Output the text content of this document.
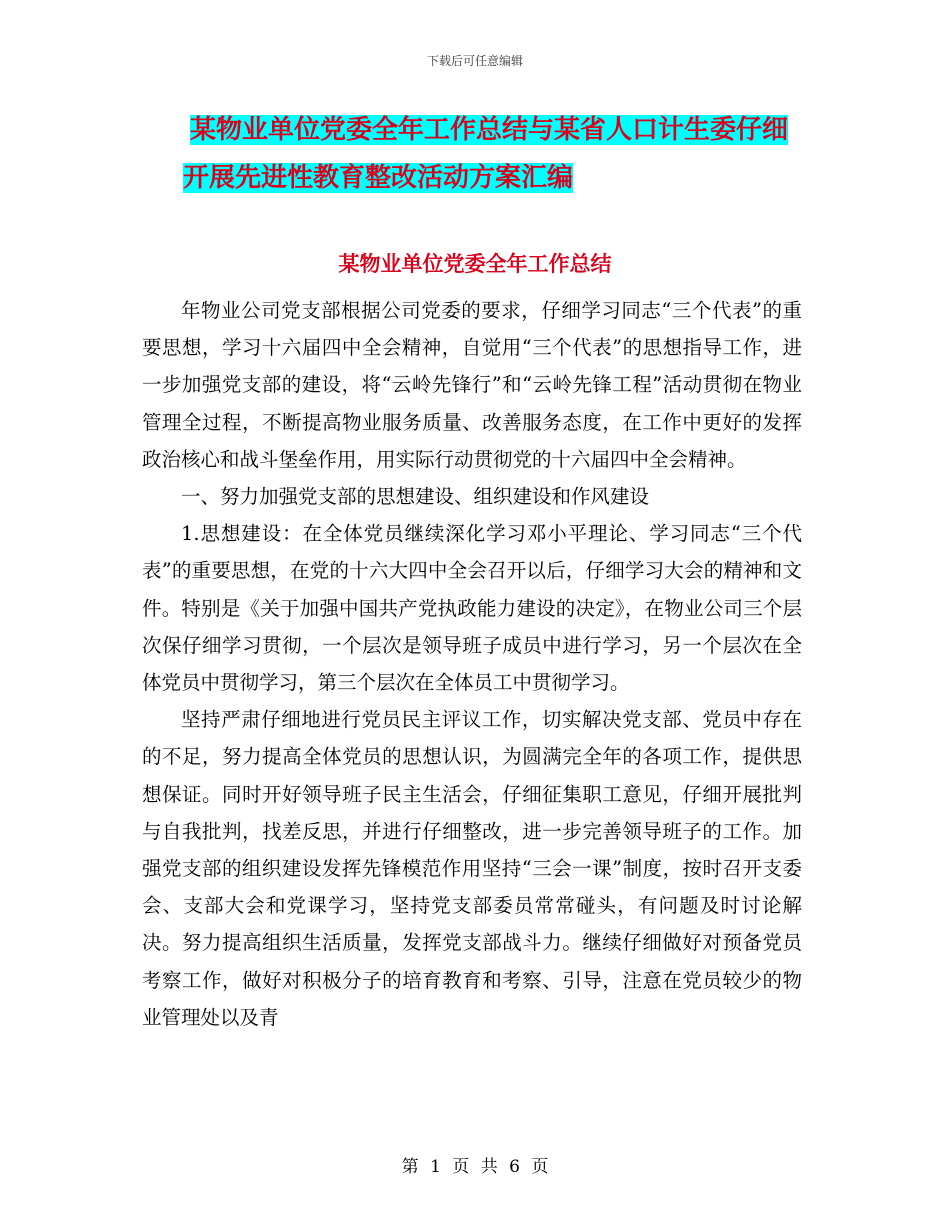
下载后可任意编辑
某物业单位党委全年工作总结与某省人口计生委仔细
开展先进性教育整改活动方案汇编
某物业单位党委全年工作总结

年物业公司党支部根据公司党委的要求，仔细学习同志“三个代表”的重要思想，学习十六届四中全会精神，自觉用“三个代表”的思想指导工作，进一步加强党支部的建设，将“云岭先锋行”和“云岭先锋工程”活动贯彻在物业管理全过程，不断提高物业服务质量、改善服务态度，在工作中更好的发挥政治核心和战斗堡垒作用，用实际行动贯彻党的十六届四中全会精神。

一、努力加强党支部的思想建设、组织建设和作风建设

1.思想建设：在全体党员继续深化学习邓小平理论、学习同志“三个代表”的重要思想，在党的十六大四中全会召开以后，仔细学习大会的精神和文件。特别是《关于加强中国共产党执政能力建设的决定》，在物业公司三个层次保仔细学习贯彻，一个层次是领导班子成员中进行学习，另一个层次在全体党员中贯彻学习，第三个层次在全体员工中贯彻学习。

坚持严肃仔细地进行党员民主评议工作，切实解决党支部、党员中存在的不足，努力提高全体党员的思想认识，为圆满完全年的各项工作，提供思想保证。同时开好领导班子民主生活会，仔细征集职工意见，仔细开展批判与自我批判，找差反思，并进行仔细整改，进一步完善领导班子的工作。加强党支部的组织建设发挥先锋模范作用坚持“三会一课”制度，按时召开支委会、支部大会和党课学习，坚持党支部委员常常碰头，有问题及时讨论解决。努力提高组织生活质量，发挥党支部战斗力。继续仔细做好对预备党员考察工作，做好对积极分子的培育教育和考察、引导，注意在党员较少的物业管理处以及青

第 1 页 共 6 页
